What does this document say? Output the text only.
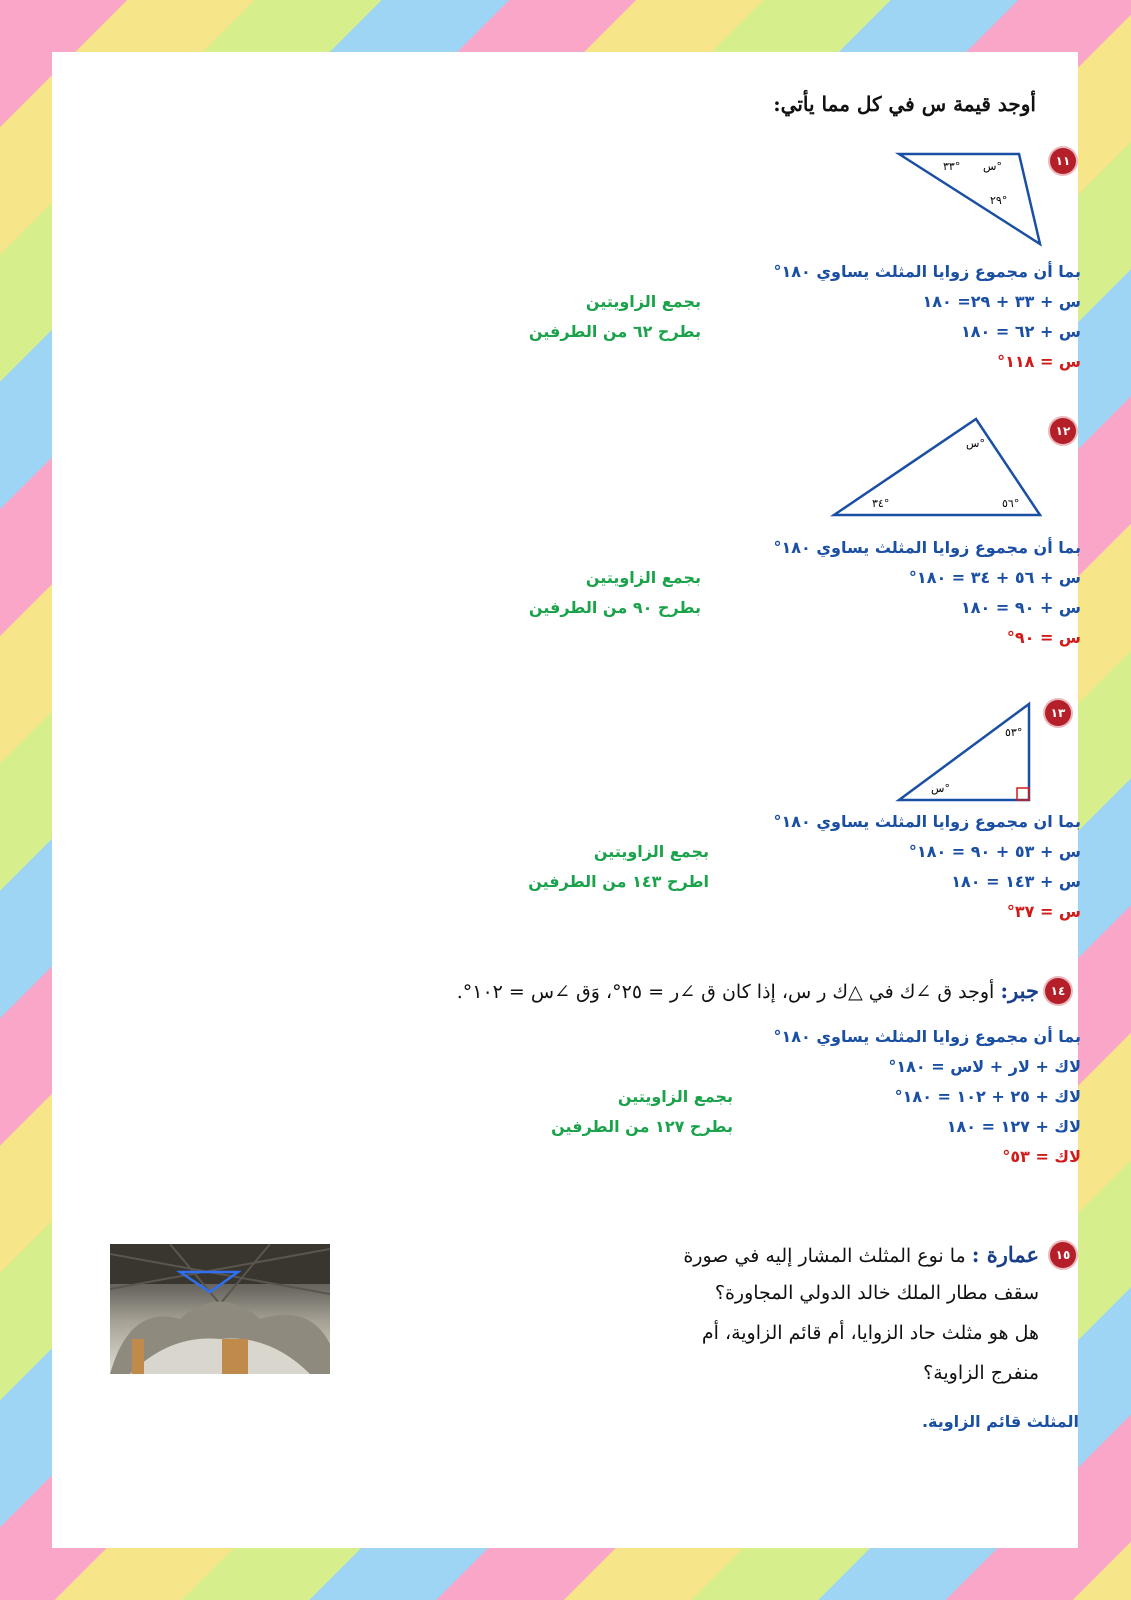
أوجد قيمة س في كل مما يأتي:
١١
س°
٣٣°
٢٩°
بما أن مجموع زوايا المثلث يساوي ١٨٠°
س + ٣٣ + ٢٩= ١٨٠
س + ٦٢ = ١٨٠
س = ١١٨°
بجمع الزاويتين
بطرح ٦٢ من الطرفين
١٢
س°
٣٤°	٥٦°
بما أن مجموع زوايا المثلث يساوي ١٨٠°
س + ٥٦ + ٣٤ = ١٨٠°
س + ٩٠ = ١٨٠
س = ٩٠°
بجمع الزاويتين
بطرح ٩٠ من الطرفين
١٣
٥٣°
س°
بما ان مجموع زوايا المثلث يساوي ١٨٠°
س + ٥٣ + ٩٠ = ١٨٠°
س + ١٤٣ = ١٨٠
س = ٣٧°
بجمع الزاويتين
اطرح ١٤٣ من الطرفين
١٤
جبر: أوجد ق ∠ك في △ك ر س، إذا كان ق ∠ر = ٢٥°، وَق ∠س = ١٠٢°.
بما أن مجموع زوايا المثلث يساوي ١٨٠°
لاك + لار + لاس = ١٨٠°
لاك + ٢٥ + ١٠٢ = ١٨٠°
لاك + ١٢٧ = ١٨٠
لاك = ٥٣°
بجمع الزاويتين
بطرح ١٢٧ من الطرفين
١٥
عمارة : ما نوع المثلث المشار إليه في صورة
سقف مطار الملك خالد الدولي المجاورة؟
هل هو مثلث حاد الزوايا، أم قائم الزاوية، أم
منفرج الزاوية؟
المثلث قائم الزاوية.
